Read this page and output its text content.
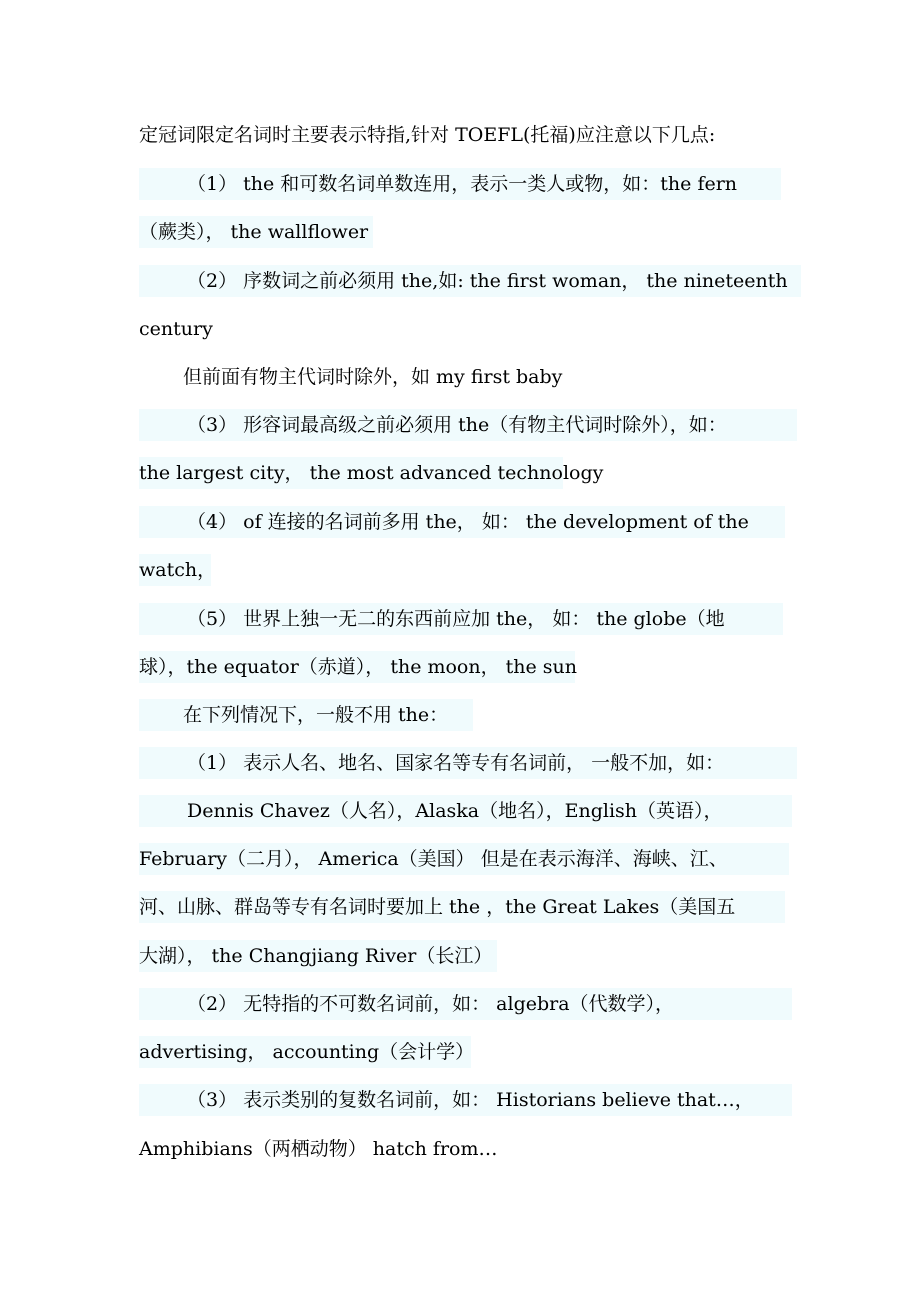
定冠词限定名词时主要表示特指,针对 TOEFL(托福)应注意以下几点:
（1） the 和可数名词单数连用，表示一类人或物，如：the fern
（蕨类）， the wallflower
（2） 序数词之前必须用 the,如: the first woman， the nineteenth
century
但前面有物主代词时除外，如 my first baby
（3） 形容词最高级之前必须用 the（有物主代词时除外），如：
the largest city， the most advanced technology
（4） of 连接的名词前多用 the， 如： the development of the
watch，
（5） 世界上独一无二的东西前应加 the， 如： the globe（地
球），the equator（赤道）， the moon， the sun
在下列情况下，一般不用 the：
（1） 表示人名、地名、国家名等专有名词前， 一般不加，如：
Dennis Chavez（人名），Alaska（地名），English（英语），
February（二月）， America（美国） 但是在表示海洋、海峡、江、
河、山脉、群岛等专有名词时要加上 the ，the Great Lakes（美国五
大湖）， the Changjiang River（长江）
（2） 无特指的不可数名词前，如： algebra（代数学），
advertising， accounting（会计学）
（3） 表示类别的复数名词前，如： Historians believe that…，
Amphibians（两栖动物） hatch from…
